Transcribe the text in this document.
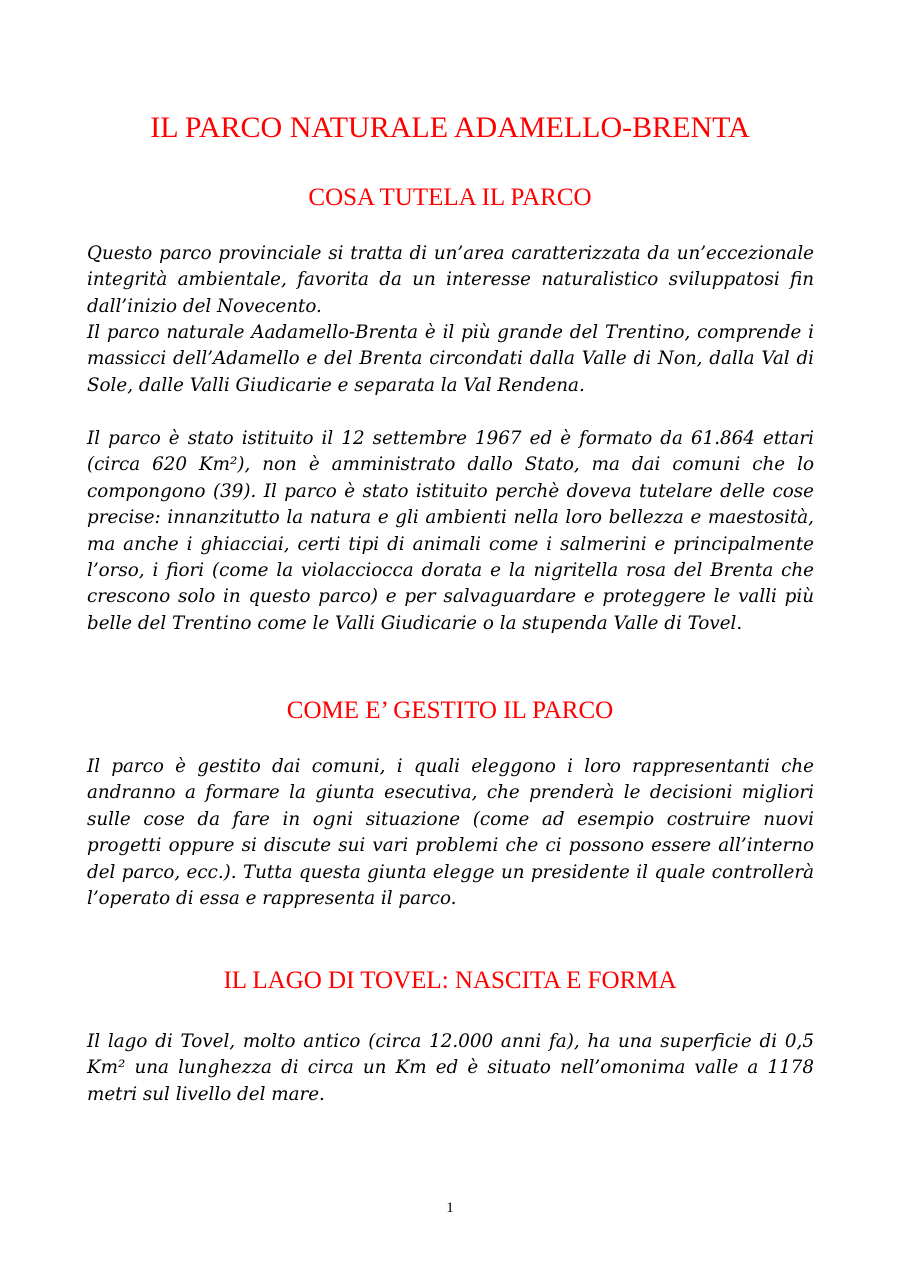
IL PARCO NATURALE ADAMELLO-BRENTA
COSA TUTELA IL PARCO
Questo parco provinciale si tratta di un’area caratterizzata da un’eccezionale integrità ambientale, favorita da un interesse naturalistico sviluppatosi fin dall’inizio del Novecento.
Il parco naturale Aadamello-Brenta è il più grande del Trentino, comprende i massicci dell’Adamello e del Brenta circondati dalla Valle di Non, dalla Val di Sole, dalle Valli Giudicarie e separata la Val Rendena.
Il parco è stato istituito il 12 settembre 1967 ed è formato da 61.864 ettari (circa 620 Km²), non è amministrato dallo Stato, ma dai comuni che lo compongono (39). Il parco è stato istituito perchè doveva tutelare delle cose precise: innanzitutto la natura e gli ambienti nella loro bellezza e maestosità, ma anche i ghiacciai, certi tipi di animali come i salmerini e principalmente l’orso, i fiori (come la violacciocca dorata e la nigritella rosa del Brenta che crescono solo in questo parco) e per salvaguardare e proteggere le valli più belle del Trentino come le Valli Giudicarie o la stupenda Valle di Tovel.
COME E’ GESTITO IL PARCO
Il parco è gestito dai comuni, i quali eleggono i loro rappresentanti che andranno a formare la giunta esecutiva, che prenderà le decisioni migliori sulle cose da fare in ogni situazione (come ad esempio costruire nuovi progetti oppure si discute sui vari problemi che ci possono essere all’interno del parco, ecc.). Tutta questa giunta elegge un presidente il quale controllerà l’operato di essa e rappresenta il parco.
IL LAGO DI TOVEL: NASCITA E FORMA
Il lago di Tovel, molto antico (circa 12.000 anni fa), ha una superficie di 0,5 Km² una lunghezza di circa un Km ed è situato nell’omonima valle a 1178 metri sul livello del mare.
1
